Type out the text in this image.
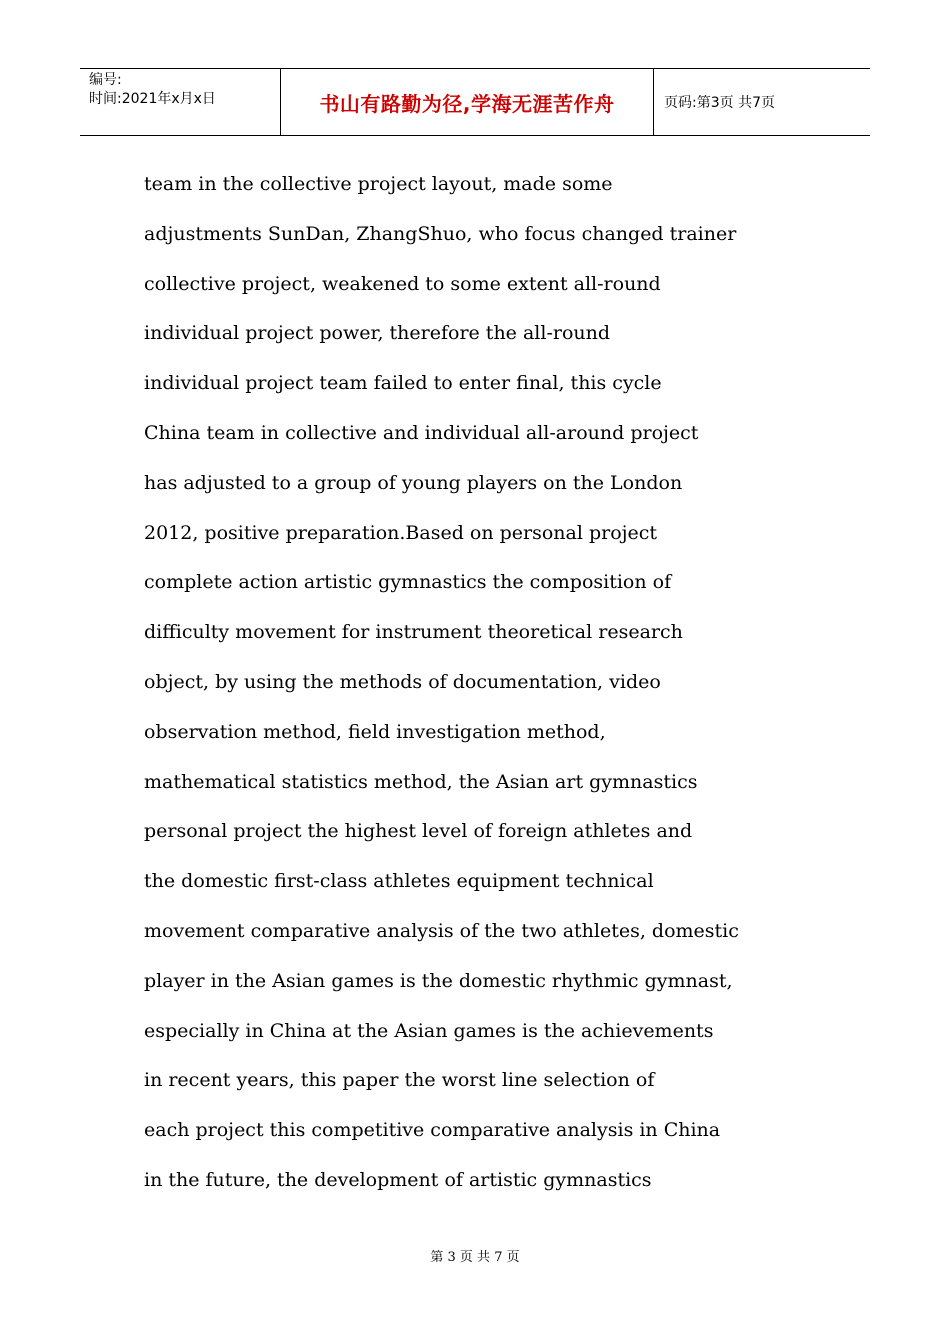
编号:
时间:2021年x月x日	书山有路勤为径,学海无涯苦作舟	页码:第3页 共7页
team in the collective project layout, made some
adjustments SunDan, ZhangShuo, who focus changed trainer
collective project, weakened to some extent all-round
individual project power, therefore the all-round
individual project team failed to enter final, this cycle
China team in collective and individual all-around project
has adjusted to a group of young players on the London
2012, positive preparation.Based on personal project
complete action artistic gymnastics the composition of
difficulty movement for instrument theoretical research
object, by using the methods of documentation, video
observation method, field investigation method,
mathematical statistics method, the Asian art gymnastics
personal project the highest level of foreign athletes and
the domestic first-class athletes equipment technical
movement comparative analysis of the two athletes, domestic
player in the Asian games is the domestic rhythmic gymnast,
especially in China at the Asian games is the achievements
in recent years, this paper the worst line selection of
each project this competitive comparative analysis in China
in the future, the development of artistic gymnastics
第 3 页 共 7 页
